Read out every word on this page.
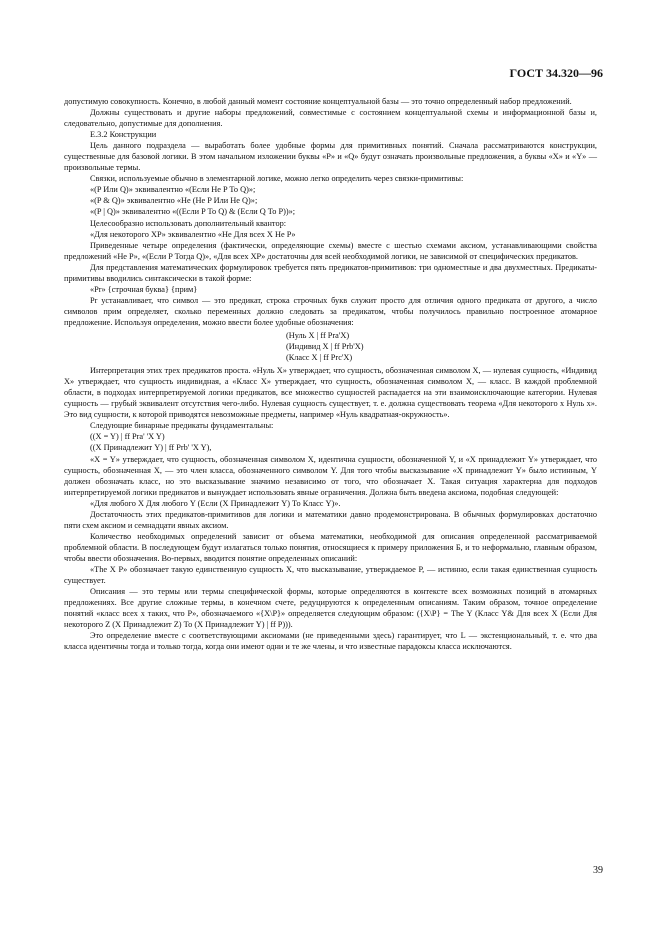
ГОСТ 34.320—96

допустимую совокупность. Конечно, в любой данный момент состояние концептуальной базы — это точно определенный набор предложений.

Должны существовать и другие наборы предложений, совместимые с состоянием концептуальной схемы и информационной базы и, следовательно, допустимые для дополнения.

Е.3.2 Конструкции

Цель данного подраздела — выработать более удобные формы для примитивных понятий. Сначала рассматриваются конструкции, существенные для базовой логики. В этом начальном изложении буквы «P» и «Q» будут означать произвольные предложения, а буквы «X» и «Y» — произвольные термы.

Связки, используемые обычно в элементарной логике, можно легко определить через связки-примитивы:

«(P Или Q)» эквивалентно «(Если Не P То Q)»;

«(P & Q)» эквивалентно «Не (Не P Или Не Q)»;

«(P | Q)» эквивалентно «((Если P То Q) & (Если Q То P))»;

Целесообразно использовать дополнительный квантор:

«Для некоторого XP» эквивалентно «Не Для всех X Не P»

Приведенные четыре определения (фактически, определяющие схемы) вместе с шестью схемами аксиом, устанавливающими свойства предложений «Не P», «(Если P Тогда Q)», «Для всех XP» достаточны для всей необходимой логики, не зависимой от специфических предикатов.

Для представления математических формулировок требуется пять предикатов-примитивов: три одноместные и два двухместных. Предикаты-примитивы вводились синтаксически в такой форме:

«Pr» {строчная буква} {прим}

Pr устанавливает, что символ — это предикат, строка строчных букв служит просто для отличия одного предиката от другого, а число символов прим определяет, сколько переменных должно следовать за предикатом, чтобы получилось правильно построенное атомарное предложение. Используя определения, можно ввести более удобные обозначения:

(Нуль X | ff Pra'X)
(Индивид X | ff Prb'X)
(Класс X | ff Prc'X)

Интерпретация этих трех предикатов проста. «Нуль X» утверждает, что сущность, обозначенная символом X, — нулевая сущность, «Индивид X» утверждает, что сущность индивидная, а «Класс X» утверждает, что сущность, обозначенная символом X, — класс. В каждой проблемной области, в подходах интерпретируемой логики предикатов, все множество сущностей распадается на эти взаимоисключающие категории. Нулевая сущность — грубый эквивалент отсутствия чего-либо. Нулевая сущность существует, т. е. должна существовать теорема «Для некоторого x Нуль x». Это вид сущности, к которой приводятся невозможные предметы, например «Нуль квадратная-окружность».

Следующие бинарные предикаты фундаментальны:

((X = Y) | ff Pra' 'X Y)

((X Принадлежит Y) | ff Prb' 'X Y),

«X = Y» утверждает, что сущность, обозначенная символом X, идентична сущности, обозначенной Y, и «X принадлежит Y» утверждает, что сущность, обозначенная X, — это член класса, обозначенного символом Y. Для того чтобы высказывание «X принадлежит Y» было истинным, Y должен обозначать класс, но это высказывание значимо независимо от того, что обозначает X. Такая ситуация характерна для подходов интерпретируемой логики предикатов и вынуждает использовать явные ограничения. Должна быть введена аксиома, подобная следующей:

«Для любого X Для любого Y (Если (X Принадлежит Y) То Класс Y)».

Достаточность этих предикатов-примитивов для логики и математики давно продемонстрирована. В обычных формулировках достаточно пяти схем аксиом и семнадцати явных аксиом.

Количество необходимых определений зависит от объема математики, необходимой для описания определенной рассматриваемой проблемной области. В последующем будут излагаться только понятия, относящиеся к примеру приложения Б, и то неформально, главным образом, чтобы ввести обозначения. Во-первых, вводится понятие определенных описаний:

«The X P» обозначает такую единственную сущность X, что высказывание, утверждаемое P, — истинно, если такая единственная сущность существует.

Описания — это термы или термы специфической формы, которые определяются в контексте всех возможных позиций в атомарных предложениях. Все другие сложные термы, в конечном счете, редуцируются к определенным описаниям. Таким образом, точное определение понятий «класс всех x таких, что P», обозначаемого «{X\P}» определяется следующим образом: ({X\P} = The Y (Класс Y& Для всех X (Если Для некоторого Z (X Принадлежит Z) То (X Принадлежит Y) | ff P))).

Это определение вместе с соответствующими аксиомами (не приведенными здесь) гарантирует, что L — экстенциональный, т. е. что два класса идентичны тогда и только тогда, когда они имеют одни и те же члены, и что известные парадоксы класса исключаются.

39
